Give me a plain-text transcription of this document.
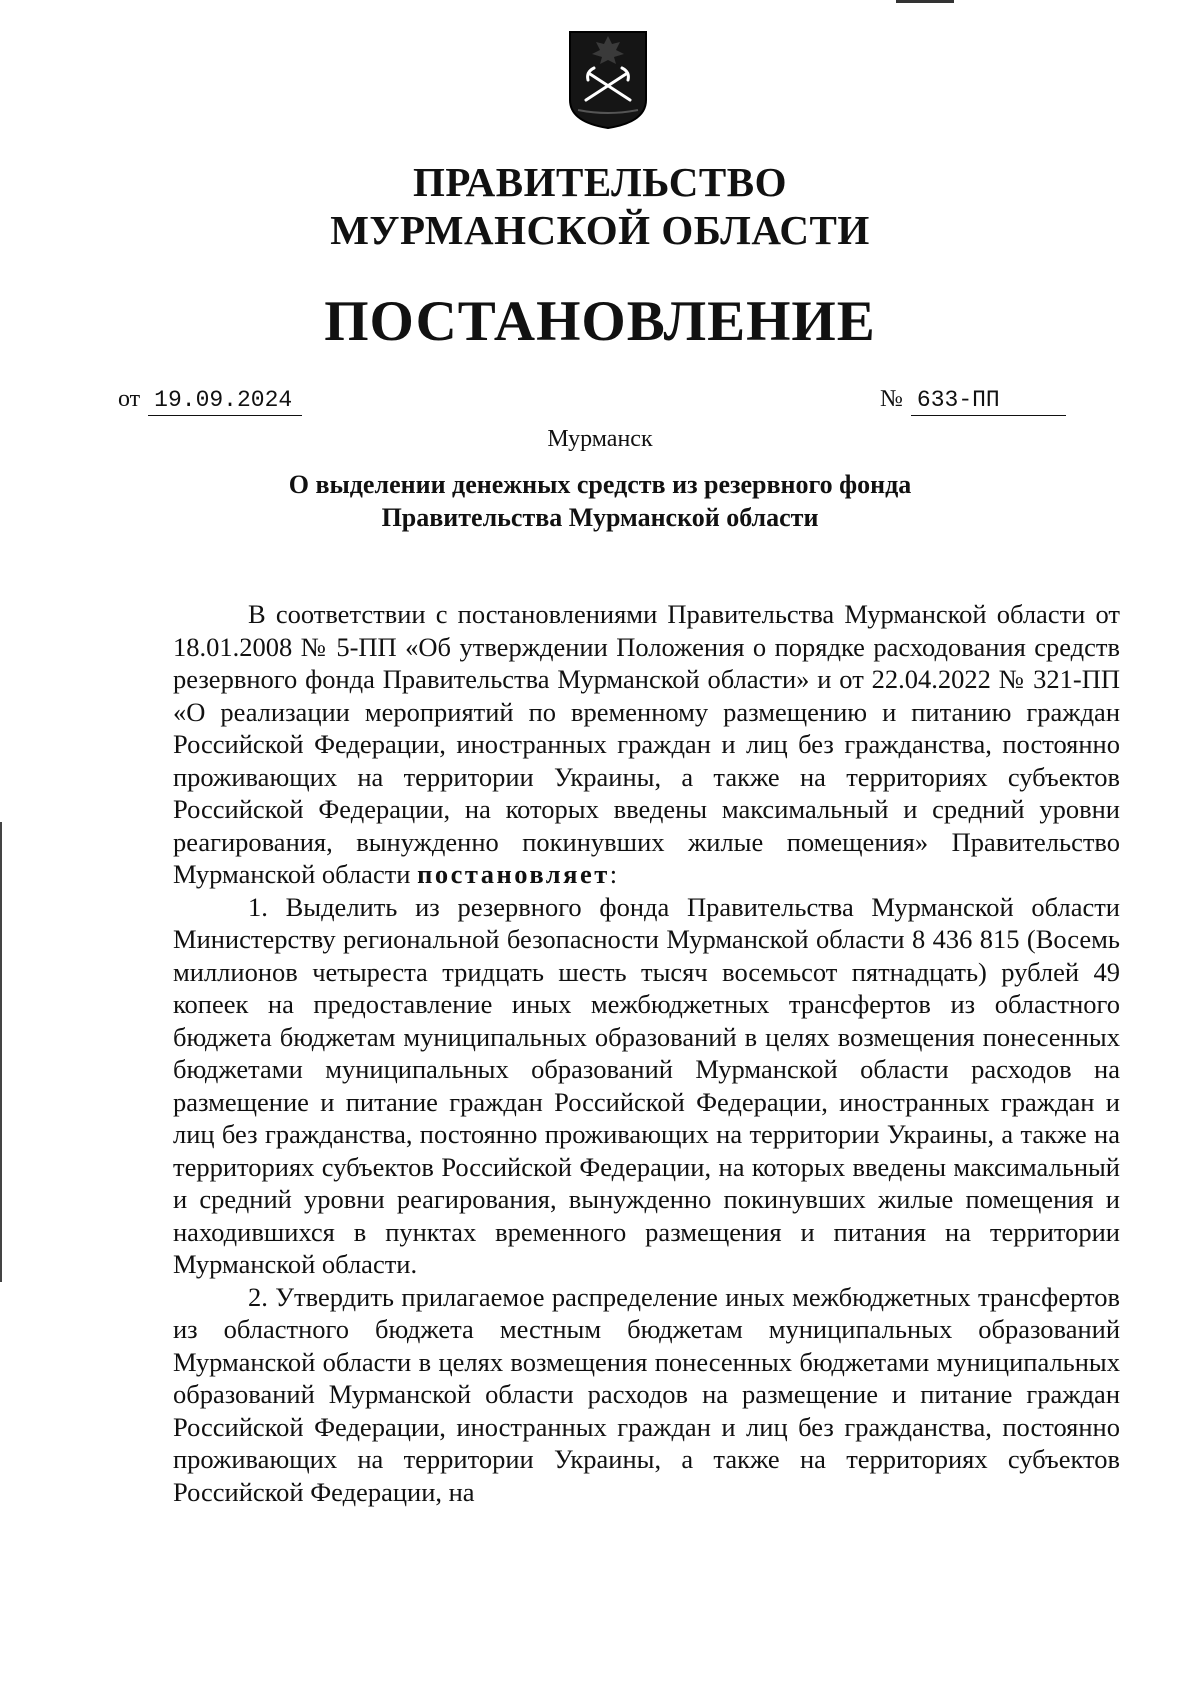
ПРАВИТЕЛЬСТВО
МУРМАНСКОЙ ОБЛАСТИ
ПОСТАНОВЛЕНИЕ
от 19.09.2024	№ 633-ПП
Мурманск
О выделении денежных средств из резервного фонда
Правительства Мурманской области

В соответствии с постановлениями Правительства Мурманской области от 18.01.2008 № 5-ПП «Об утверждении Положения о порядке расходования средств резервного фонда Правительства Мурманской области» и от 22.04.2022 № 321-ПП «О реализации мероприятий по временному размещению и питанию граждан Российской Федерации, иностранных граждан и лиц без гражданства, постоянно проживающих на территории Украины, а также на территориях субъектов Российской Федерации, на которых введены максимальный и средний уровни реагирования, вынужденно покинувших жилые помещения» Правительство Мурманской области постановляет:

1. Выделить из резервного фонда Правительства Мурманской области Министерству региональной безопасности Мурманской области 8 436 815 (Восемь миллионов четыреста тридцать шесть тысяч восемьсот пятнадцать) рублей 49 копеек на предоставление иных межбюджетных трансфертов из областного бюджета бюджетам муниципальных образований в целях возмещения понесенных бюджетами муниципальных образований Мурманской области расходов на размещение и питание граждан Российской Федерации, иностранных граждан и лиц без гражданства, постоянно проживающих на территории Украины, а также на территориях субъектов Российской Федерации, на которых введены максимальный и средний уровни реагирования, вынужденно покинувших жилые помещения и находившихся в пунктах временного размещения и питания на территории Мурманской области.

2. Утвердить прилагаемое распределение иных межбюджетных трансфертов из областного бюджета местным бюджетам муниципальных образований Мурманской области в целях возмещения понесенных бюджетами муниципальных образований Мурманской области расходов на размещение и питание граждан Российской Федерации, иностранных граждан и лиц без гражданства, постоянно проживающих на территории Украины, а также на территориях субъектов Российской Федерации, на
